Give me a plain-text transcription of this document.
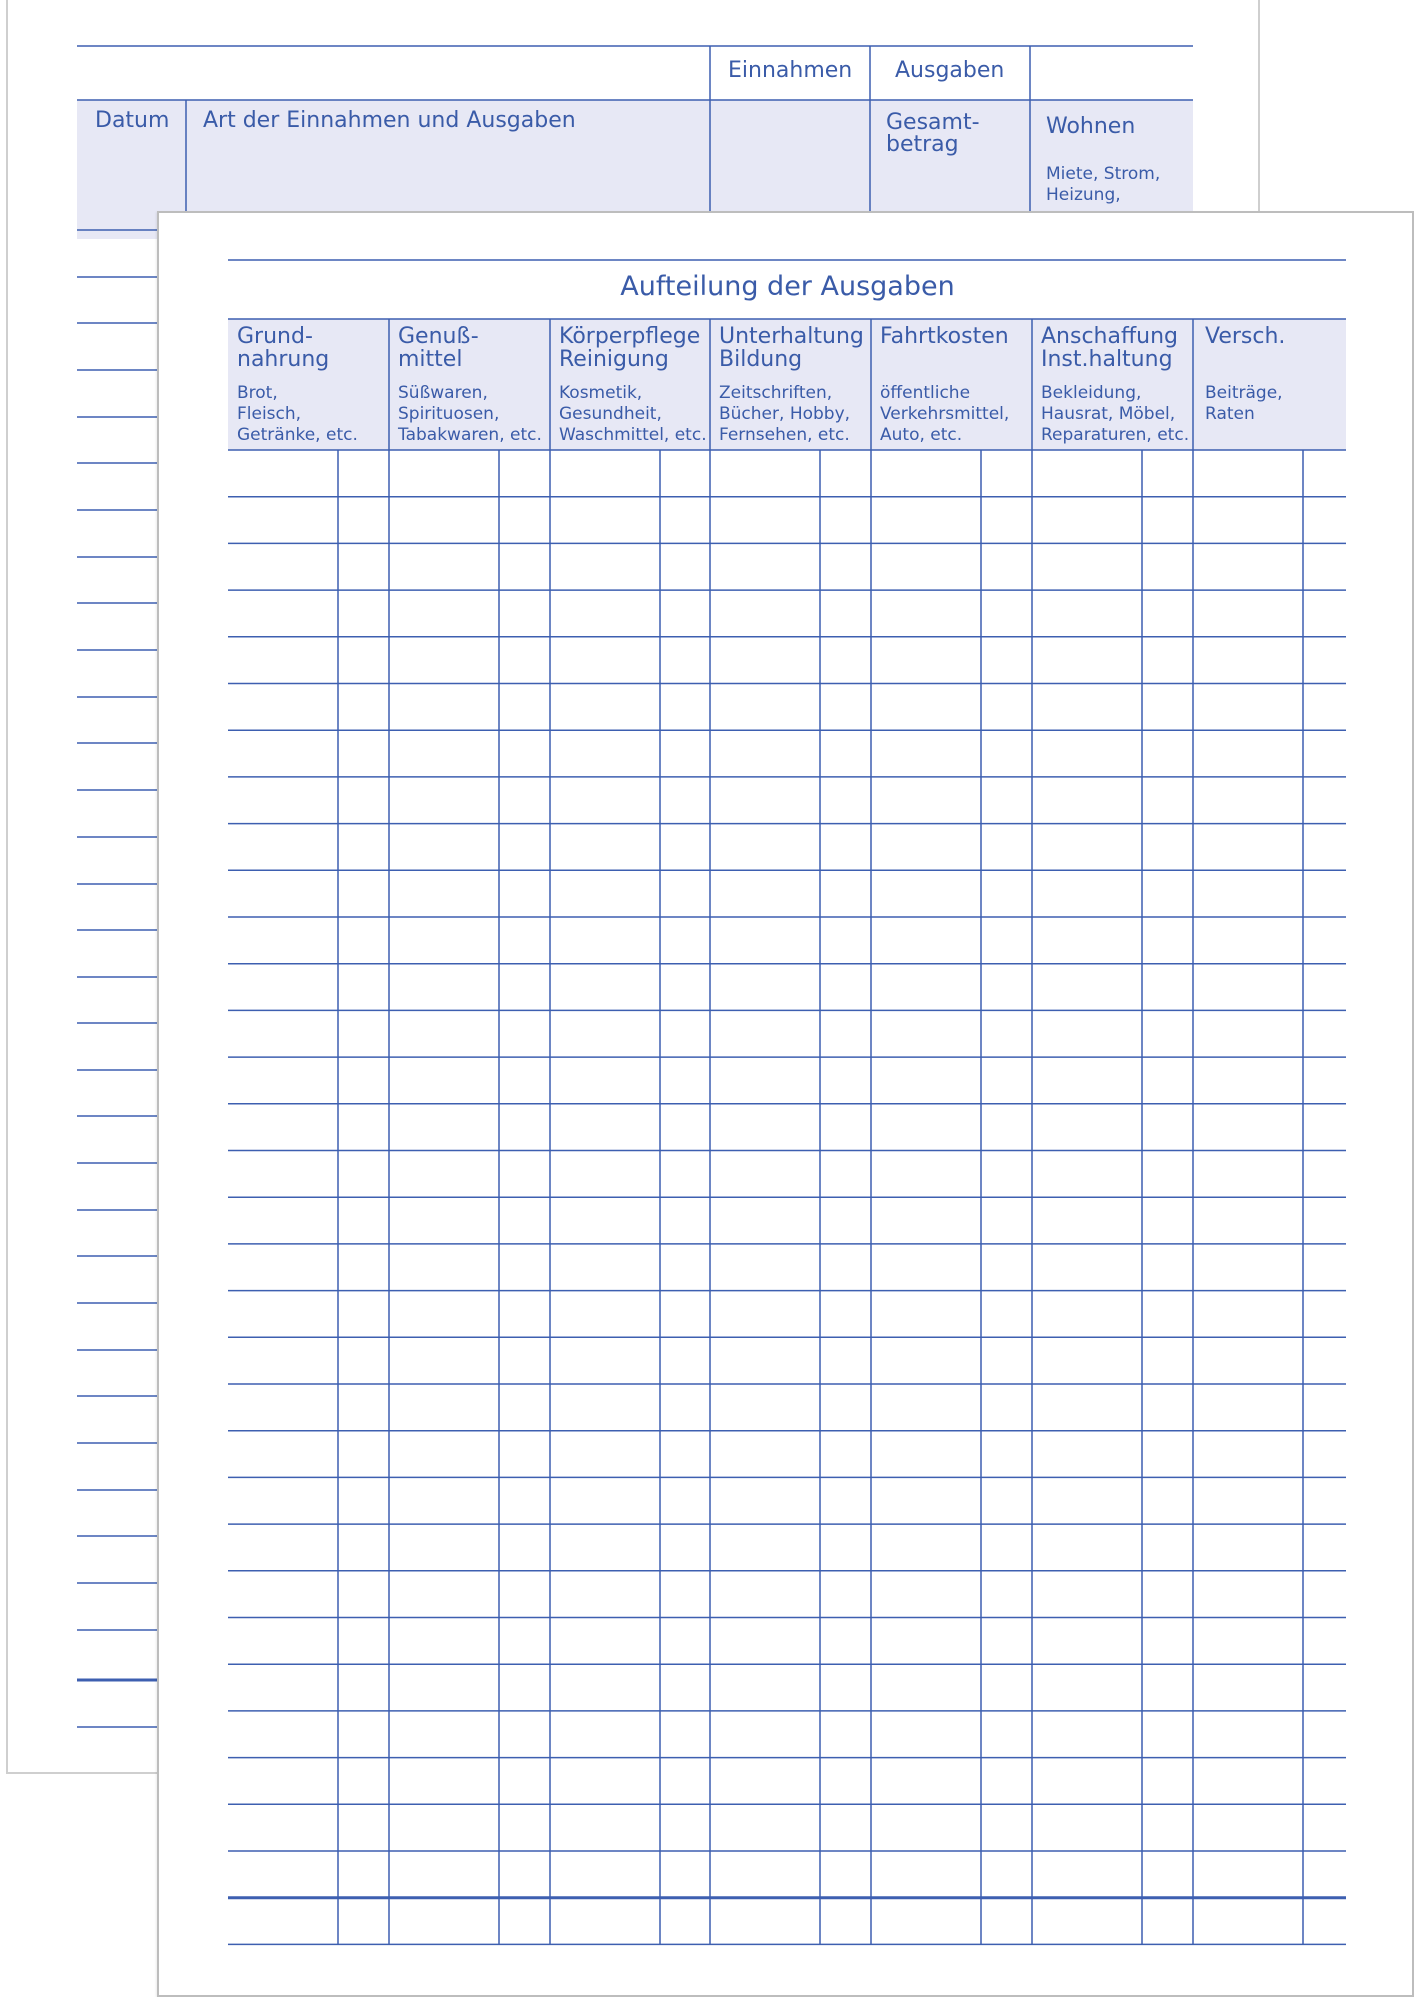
Datum Art der Einnahmen und Ausgaben
Einnahmen Ausgaben
Gesamt-
betrag
Wohnen
Miete, Strom,
Heizung,
Aufteilung der Ausgaben
Grund-
nahrung
Brot,
Fleisch,
Getränke, etc.
Genuß-
mittel
Süßwaren,
Spirituosen,
Tabakwaren, etc.
Körperpflege
Reinigung
Kosmetik,
Gesundheit,
Waschmittel, etc.
Unterhaltung
Bildung
Zeitschriften,
Bücher, Hobby,
Fernsehen, etc.
Fahrtkosten
öffentliche
Verkehrsmittel,
Auto, etc.
Anschaffung
Inst.haltung
Bekleidung,
Hausrat, Möbel,
Reparaturen, etc.
Versch.
Beiträge,
Raten
